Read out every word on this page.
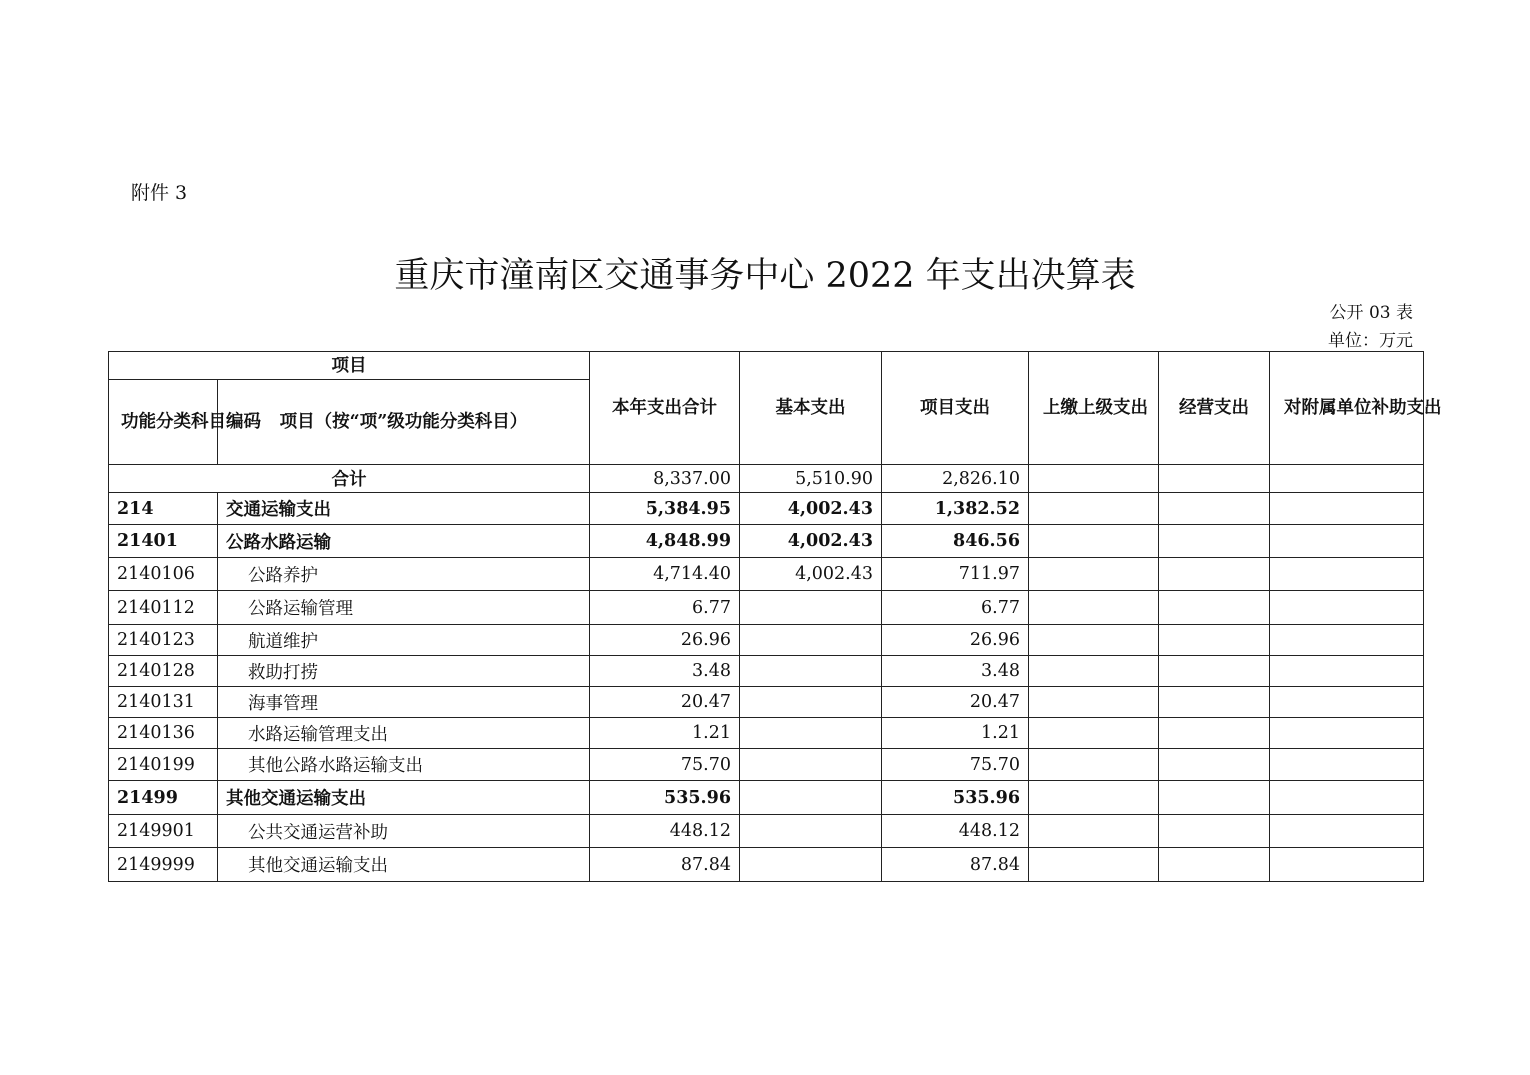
附件 3
重庆市潼南区交通事务中心 2022 年支出决算表
公开 03 表
单位：万元
项目		本年支出合计	基本支出	项目支出	上缴上级支出	经营支出	对附属单位补助支出
功能分类科目编码	项目（按“项”级功能分类科目）						
合计		8,337.00	5,510.90	2,826.10			
214	交通运输支出	5,384.95	4,002.43	1,382.52			
21401	公路水路运输	4,848.99	4,002.43	846.56			
2140106	公路养护	4,714.40	4,002.43	711.97			
2140112	公路运输管理	6.77		6.77			
2140123	航道维护	26.96		26.96			
2140128	救助打捞	3.48		3.48			
2140131	海事管理	20.47		20.47			
2140136	水路运输管理支出	1.21		1.21			
2140199	其他公路水路运输支出	75.70		75.70			
21499	其他交通运输支出	535.96		535.96			
2149901	公共交通运营补助	448.12		448.12			
2149999	其他交通运输支出	87.84		87.84			
